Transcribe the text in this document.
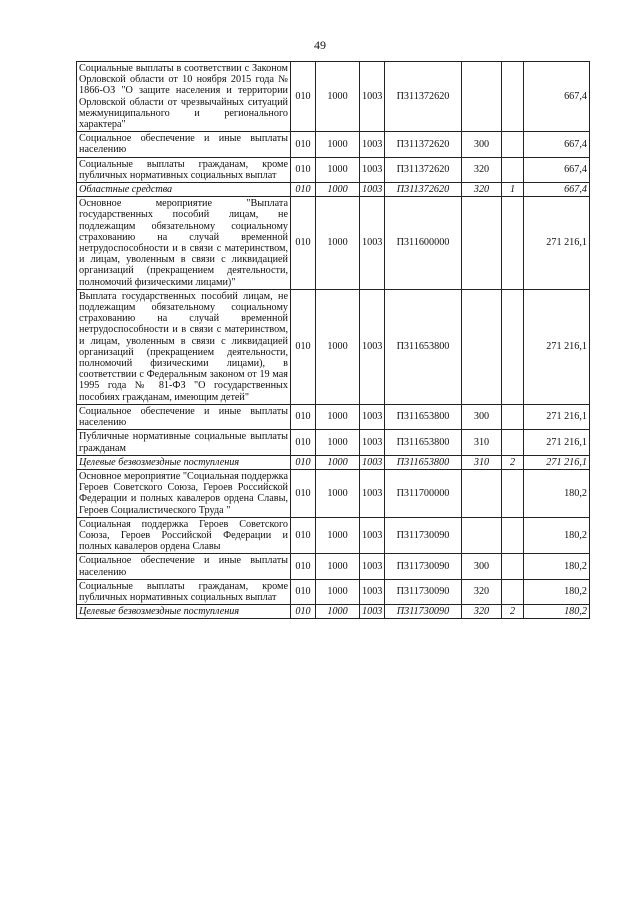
49
Социальные выплаты в соответствии с Законом Орловской области от 10 ноября 2015 года № 1866-ОЗ "О защите населения и территории Орловской области от чрезвычайных ситуаций межмуниципального и регионального характера"	010	1000	1003	П311372620			667,4
Социальное обеспечение и иные выплаты населению	010	1000	1003	П311372620	300		667,4
Социальные выплаты гражданам, кроме публичных нормативных социальных выплат	010	1000	1003	П311372620	320		667,4
Областные средства	010	1000	1003	П311372620	320	1	667,4
Основное мероприятие "Выплата государственных пособий лицам, не подлежащим обязательному социальному страхованию на случай временной нетрудоспособности и в связи с материнством, и лицам, уволенным в связи с ликвидацией организаций (прекращением деятельности, полномочий физическими лицами)"	010	1000	1003	П311600000			271 216,1
Выплата государственных пособий лицам, не подлежащим обязательному социальному страхованию на случай временной нетрудоспособности и в связи с материнством, и лицам, уволенным в связи с ликвидацией организаций (прекращением деятельности, полномочий физическими лицами), в соответствии с Федеральным законом от 19 мая 1995 года № 81-ФЗ "О государственных пособиях гражданам, имеющим детей"	010	1000	1003	П311653800			271 216,1
Социальное обеспечение и иные выплаты населению	010	1000	1003	П311653800	300		271 216,1
Публичные нормативные социальные выплаты гражданам	010	1000	1003	П311653800	310		271 216,1
Целевые безвозмездные поступления	010	1000	1003	П311653800	310	2	271 216,1
Основное мероприятие "Социальная поддержка Героев Советского Союза, Героев Российской Федерации и полных кавалеров ордена Славы, Героев Социалистического Труда "	010	1000	1003	П311700000			180,2
Социальная поддержка Героев Советского Союза, Героев Российской Федерации и полных кавалеров ордена Славы	010	1000	1003	П311730090			180,2
Социальное обеспечение и иные выплаты населению	010	1000	1003	П311730090	300		180,2
Социальные выплаты гражданам, кроме публичных нормативных социальных выплат	010	1000	1003	П311730090	320		180,2
Целевые безвозмездные поступления	010	1000	1003	П311730090	320	2	180,2
